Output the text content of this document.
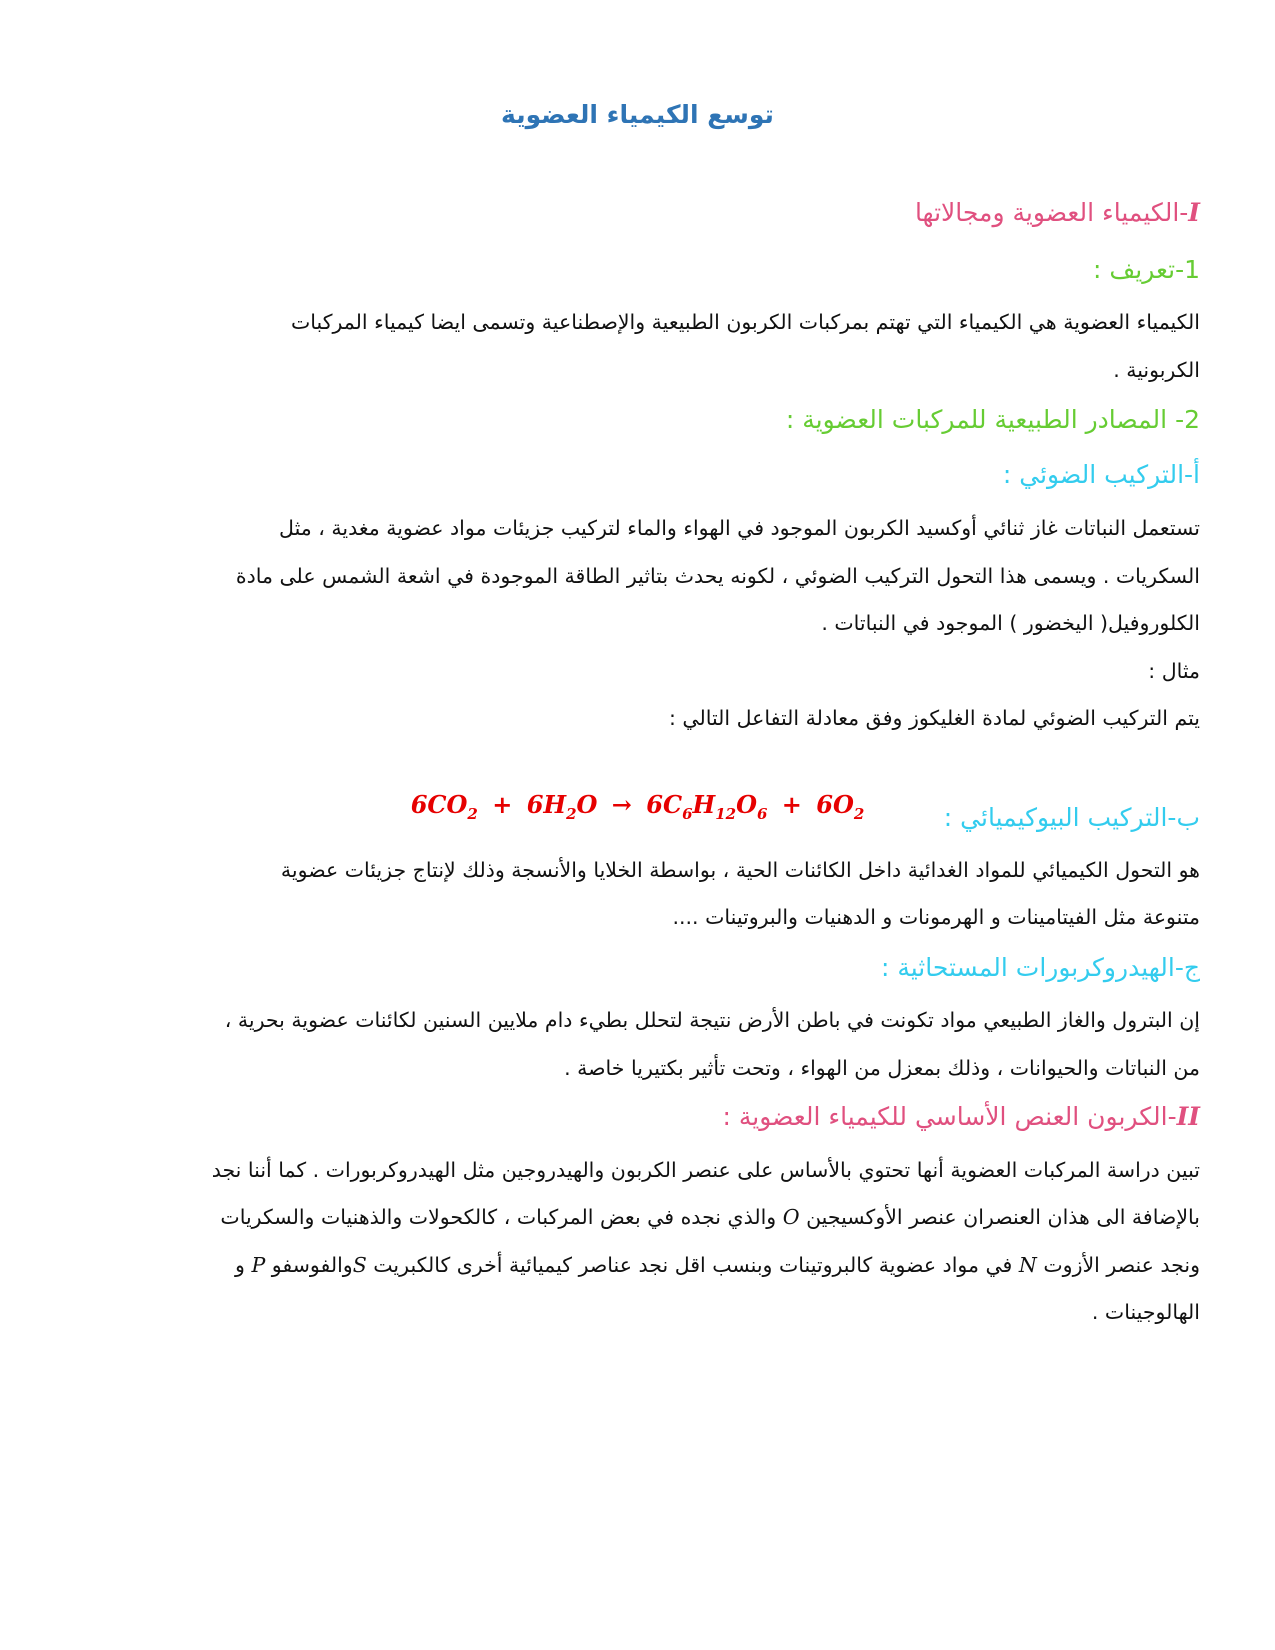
توسع الكيمياء العضوية
I-الكيمياء العضوية ومجالاتها
1-تعريف :
الكيمياء العضوية هي الكيمياء التي تهتم بمركبات الكربون الطبيعية والإصطناعية وتسمى ايضا كيمياء المركبات
الكربونية .
2- المصادر الطبيعية للمركبات العضوية :
أ-التركيب الضوئي :
تستعمل النباتات غاز ثنائي أوكسيد الكربون الموجود في الهواء والماء لتركيب جزيئات مواد عضوية مغدية ، مثل
السكريات . ويسمى هذا التحول التركيب الضوئي ، لكونه يحدث بتاثير الطاقة الموجودة في اشعة الشمس على مادة
الكلوروفيل( اليخضور ) الموجود في النباتات .
مثال :
يتم التركيب الضوئي لمادة الغليكوز وفق معادلة التفاعل التالي :
$6CO_2 + 6H_2O \to 6C_6H_{12}O_6 + 6O_2$	ب-التركيب البيوكيميائي :
هو التحول الكيميائي للمواد الغدائية داخل الكائنات الحية ، بواسطة الخلايا والأنسجة وذلك لإنتاج جزيئات عضوية
متنوعة مثل الفيتامينات و الهرمونات و الدهنيات والبروتينات ....
ج-الهيدروكربورات المستحاثية :
إن البترول والغاز الطبيعي مواد تكونت في باطن الأرض نتيجة لتحلل بطيء دام ملايين السنين لكائنات عضوية بحرية ،
من النباتات والحيوانات ، وذلك بمعزل من الهواء ، وتحت تأثير بكتيريا خاصة .
II-الكربون العنص الأساسي للكيمياء العضوية :
تبين دراسة المركبات العضوية أنها تحتوي بالأساس على عنصر الكربون والهيدروجين مثل الهيدروكربورات . كما أننا نجد
بالإضافة الى هذان العنصران عنصر الأوكسيجين O والذي نجده في بعض المركبات ، كالكحولات والذهنيات والسكريات
ونجد عنصر الأزوت N في مواد عضوية كالبروتينات وبنسب اقل نجد عناصر كيميائية أخرى كالكبريت Sوالفوسفو P و
الهالوجينات .
